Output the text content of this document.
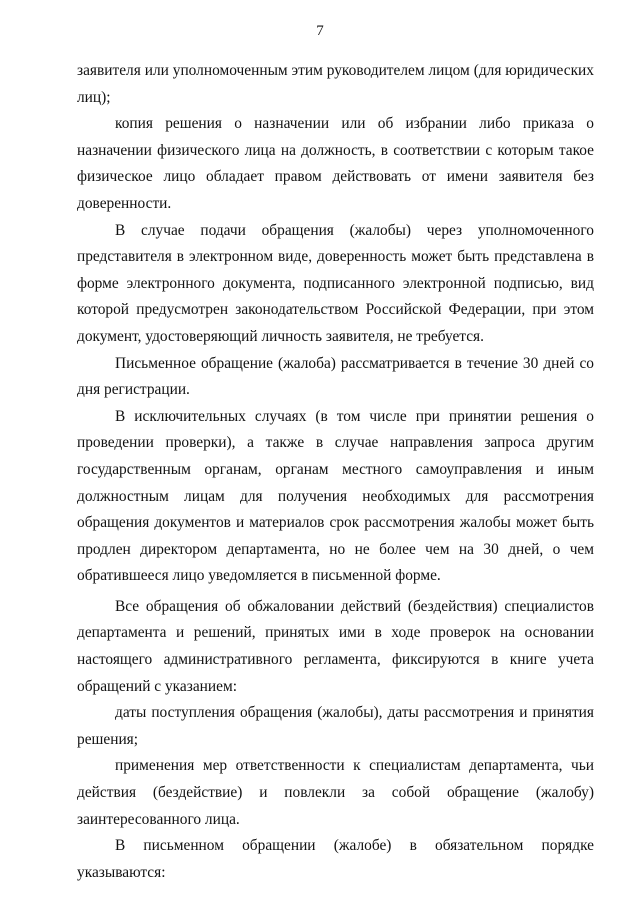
7

заявителя или уполномоченным этим руководителем лицом (для юридических лиц);

копия решения о назначении или об избрании либо приказа о назначении физического лица на должность, в соответствии с которым такое физическое лицо обладает правом действовать от имени заявителя без доверенности.

В случае подачи обращения (жалобы) через уполномоченного представителя в электронном виде, доверенность может быть представлена в форме электронного документа, подписанного электронной подписью, вид которой предусмотрен законодательством Российской Федерации, при этом документ, удостоверяющий личность заявителя, не требуется.

Письменное обращение (жалоба) рассматривается в течение 30 дней со дня регистрации.

В исключительных случаях (в том числе при принятии решения о проведении проверки), а также в случае направления запроса другим государственным органам, органам местного самоуправления и иным должностным лицам для получения необходимых для рассмотрения обращения документов и материалов срок рассмотрения жалобы может быть продлен директором департамента, но не более чем на 30 дней, о чем обратившееся лицо уведомляется в письменной форме.

Все обращения об обжаловании действий (бездействия) специалистов департамента и решений, принятых ими в ходе проверок на основании настоящего административного регламента, фиксируются в книге учета обращений с указанием:

даты поступления обращения (жалобы), даты рассмотрения и принятия решения;

применения мер ответственности к специалистам департамента, чьи действия (бездействие) и повлекли за собой обращение (жалобу) заинтересованного лица.

В письменном обращении (жалобе) в обязательном порядке указываются:
